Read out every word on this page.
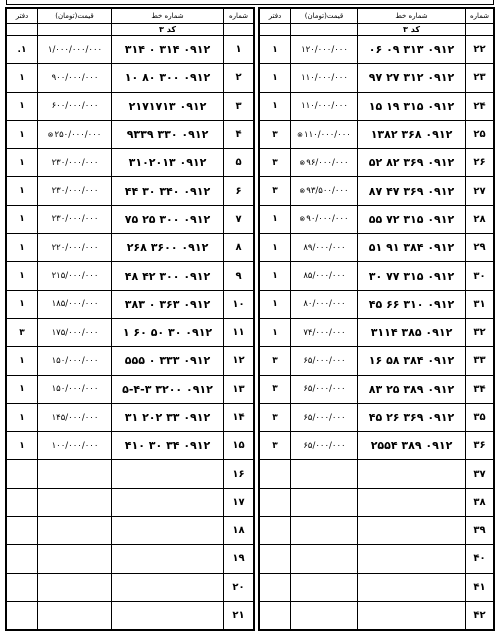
شماره	شماره خط	قیمت(تومان)	دفتر
	کد ۳		
۲۲	۰۹۱۲ ۳۱۳ ۰۹ ۰۶	۱۲۰/۰۰۰/۰۰۰	۱
۲۳	۰۹۱۲ ۳۱۲ ۲۷ ۹۷	۱۱۰/۰۰۰/۰۰۰	۱
۲۴	۰۹۱۲ ۳۱۵ ۱۹ ۱۵	۱۱۰/۰۰۰/۰۰۰	۱
۲۵	۰۹۱۲ ۳۶۸ ۱۳۸۲	⊗۱۱۰/۰۰۰/۰۰۰	۳
۲۶	۰۹۱۲ ۳۶۹ ۸۲ ۵۲	⊗۹۶/۰۰۰/۰۰۰	۳
۲۷	۰۹۱۲ ۳۶۹ ۴۷ ۸۷	⊗۹۳/۵۰۰/۰۰۰	۳
۲۸	۰۹۱۲ ۳۱۵ ۷۲ ۵۵	⊗۹۰/۰۰۰/۰۰۰	۱
۲۹	۰۹۱۲ ۳۸۴ ۹۱ ۵۱	۸۹/۰۰۰/۰۰۰	۱
۳۰	۰۹۱۲ ۳۱۵ ۷۷ ۳۰	۸۵/۰۰۰/۰۰۰	۱
۳۱	۰۹۱۲ ۳۱۰ ۶۶ ۴۵	۸۰/۰۰۰/۰۰۰	۱
۳۲	۰۹۱۲ ۳۸۵ ۳۱۱۴	۷۴/۰۰۰/۰۰۰	۱
۳۳	۰۹۱۲ ۳۸۴ ۵۸ ۱۶	۶۵/۰۰۰/۰۰۰	۳
۳۴	۰۹۱۲ ۳۸۹ ۲۵ ۸۳	۶۵/۰۰۰/۰۰۰	۳
۳۵	۰۹۱۲ ۳۶۹ ۲۶ ۴۵	۶۵/۰۰۰/۰۰۰	۳
۳۶	۰۹۱۲ ۳۸۹ ۲۵۵۴	۶۵/۰۰۰/۰۰۰	۳
۳۷			
۳۸			
۳۹			
۴۰			
۴۱			
۴۲			
شماره	شماره خط	قیمت(تومان)	دفتر
	کد ۳		
۱	۰۹۱۲ ۳۱۴ ۰ ۳۱۴	۱/۰۰۰/۰۰۰/۰۰۰	۱.
۲	۰۹۱۲ ۳۰۰ ۸۰ ۱۰	۹۰۰/۰۰۰/۰۰۰	۱
۳	۰۹۱۲ ۲۱۷۱۷۱۳	۶۰۰/۰۰۰/۰۰۰	۱
۴	۰۹۱۲ ۳۳۰ ۹۳۳۹	⊗۲۵۰/۰۰۰/۰۰۰	۱
۵	۰۹۱۲ ۳۱۰۲۰۱۳	۲۳۰/۰۰۰/۰۰۰	۱
۶	۰۹۱۲ ۳۴۰ ۳۰ ۴۴	۲۳۰/۰۰۰/۰۰۰	۱
۷	۰۹۱۲ ۳۰۰ ۲۵ ۷۵	۲۳۰/۰۰۰/۰۰۰	۱
۸	۰۹۱۲ ۳۶۰۰ ۲۶۸	۲۲۰/۰۰۰/۰۰۰	۱
۹	۰۹۱۲ ۳۰۰ ۴۲ ۴۸	۲۱۵/۰۰۰/۰۰۰	۱
۱۰	۰۹۱۲ ۳۶۳ ۰ ۳۸۳	۱۸۵/۰۰۰/۰۰۰	۱
۱۱	۰۹۱۲ ۳۰ ۵۰ ۶۰ ۱	۱۷۵/۰۰۰/۰۰۰	۳
۱۲	۰۹۱۲ ۳۳۳ ۰ ۵۵۵	۱۵۰/۰۰۰/۰۰۰	۱
۱۳	۰۹۱۲ ۳۲۰۰ ۵-۴-۳	۱۵۰/۰۰۰/۰۰۰	۱
۱۴	۰۹۱۲ ۳۳ ۲۰۲ ۳۱	۱۴۵/۰۰۰/۰۰۰	۱
۱۵	۰۹۱۲ ۳۴ ۳۰ ۴۱۰	۱۰۰/۰۰۰/۰۰۰	۱
۱۶			
۱۷			
۱۸			
۱۹			
۲۰			
۲۱			
